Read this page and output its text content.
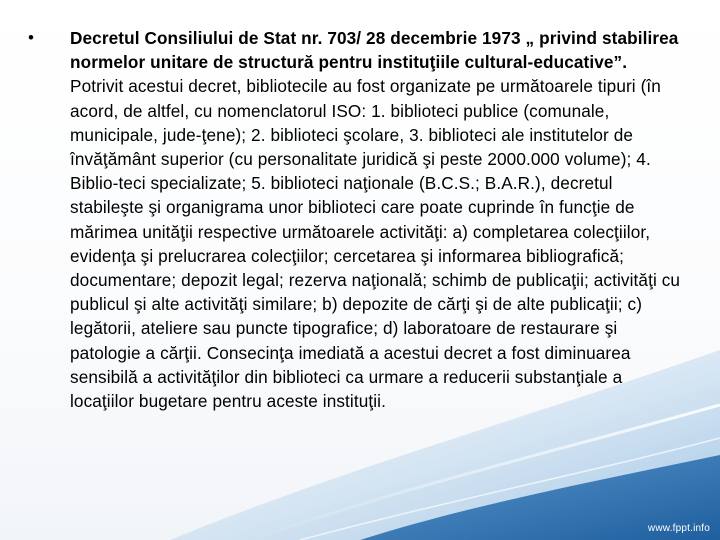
• Decretul Consiliului de Stat nr. 703/ 28 decembrie 1973 „ privind stabilirea normelor unitare de structură pentru instituţiile cultural-educative”. Potrivit acestui decret, bibliotecile au fost organizate pe următoarele tipuri (în acord, de altfel, cu nomenclatorul ISO: 1. biblioteci publice (comunale, municipale, jude-ţene); 2. biblioteci şcolare, 3. biblioteci ale institutelor de învăţământ superior (cu personalitate juridică şi peste 2000.000 volume); 4. Biblio-teci specializate; 5. biblioteci naţionale (B.C.S.; B.A.R.), decretul stabileşte şi organigrama unor biblioteci care poate cuprinde în funcţie de mărimea unităţii respective următoarele activităţi: a) completarea colecţiilor, evidenţa şi prelucrarea colecţiilor; cercetarea şi informarea bibliografică; documentare; depozit legal; rezerva naţională; schimb de publicaţii; activităţi cu publicul şi alte activităţi similare; b) depozite de cărţi şi de alte publicaţii; c) legătorii, ateliere sau puncte tipografice; d) laboratoare de restaurare şi patologie a cărţii. Consecinţa imediată a acestui decret a fost diminuarea sensibilă a activităţilor din biblioteci ca urmare a reducerii substanţiale a locaţiilor bugetare pentru aceste instituţii.
www.fppt.info
